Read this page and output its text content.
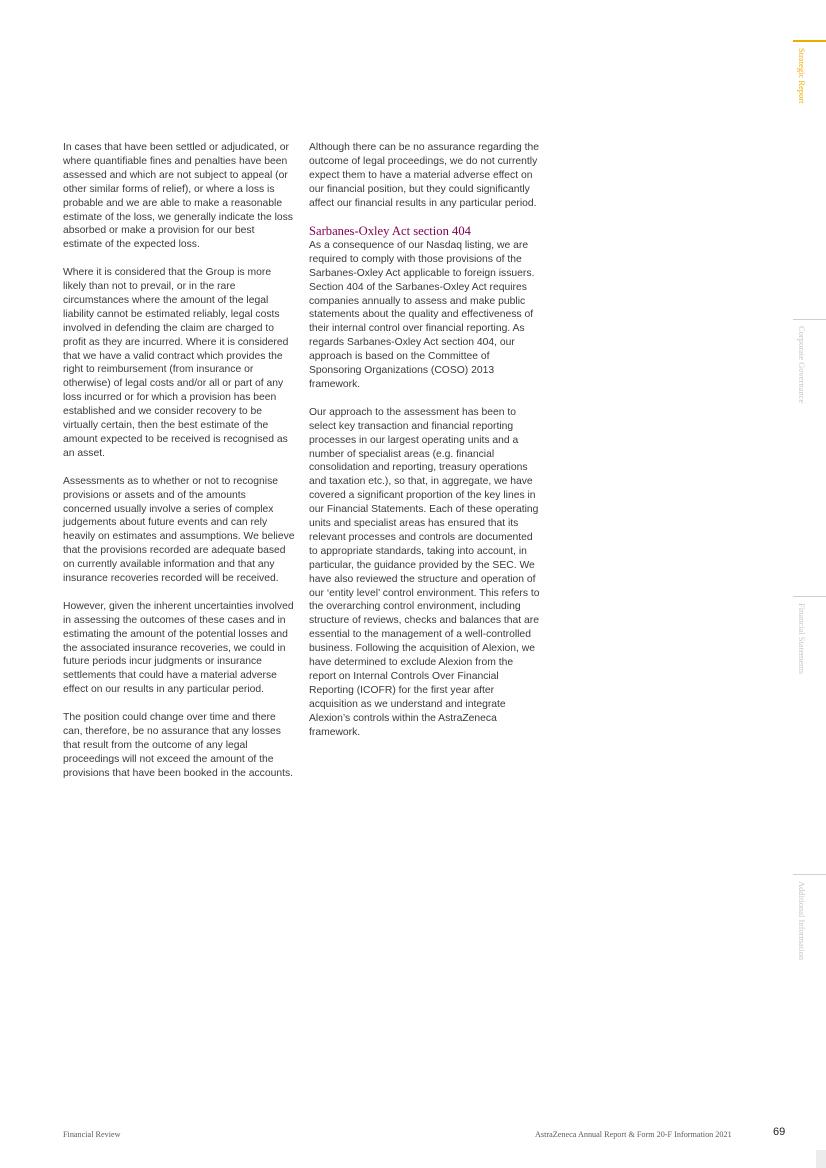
In cases that have been settled or adjudicated, or where quantifiable fines and penalties have been assessed and which are not subject to appeal (or other similar forms of relief), or where a loss is probable and we are able to make a reasonable estimate of the loss, we generally indicate the loss absorbed or make a provision for our best estimate of the expected loss.

Where it is considered that the Group is more likely than not to prevail, or in the rare circumstances where the amount of the legal liability cannot be estimated reliably, legal costs involved in defending the claim are charged to profit as they are incurred. Where it is considered that we have a valid contract which provides the right to reimbursement (from insurance or otherwise) of legal costs and/or all or part of any loss incurred or for which a provision has been established and we consider recovery to be virtually certain, then the best estimate of the amount expected to be received is recognised as an asset.

Assessments as to whether or not to recognise provisions or assets and of the amounts concerned usually involve a series of complex judgements about future events and can rely heavily on estimates and assumptions. We believe that the provisions recorded are adequate based on currently available information and that any insurance recoveries recorded will be received.

However, given the inherent uncertainties involved in assessing the outcomes of these cases and in estimating the amount of the potential losses and the associated insurance recoveries, we could in future periods incur judgments or insurance settlements that could have a material adverse effect on our results in any particular period.

The position could change over time and there can, therefore, be no assurance that any losses that result from the outcome of any legal proceedings will not exceed the amount of the provisions that have been booked in the accounts.

Although there can be no assurance regarding the outcome of legal proceedings, we do not currently expect them to have a material adverse effect on our financial position, but they could significantly affect our financial results in any particular period.

Sarbanes-Oxley Act section 404

As a consequence of our Nasdaq listing, we are required to comply with those provisions of the Sarbanes-Oxley Act applicable to foreign issuers. Section 404 of the Sarbanes-Oxley Act requires companies annually to assess and make public statements about the quality and effectiveness of their internal control over financial reporting. As regards Sarbanes-Oxley Act section 404, our approach is based on the Committee of Sponsoring Organizations (COSO) 2013 framework.

Our approach to the assessment has been to select key transaction and financial reporting processes in our largest operating units and a number of specialist areas (e.g. financial consolidation and reporting, treasury operations and taxation etc.), so that, in aggregate, we have covered a significant proportion of the key lines in our Financial Statements. Each of these operating units and specialist areas has ensured that its relevant processes and controls are documented to appropriate standards, taking into account, in particular, the guidance provided by the SEC. We have also reviewed the structure and operation of our ‘entity level’ control environment. This refers to the overarching control environment, including structure of reviews, checks and balances that are essential to the management of a well-controlled business. Following the acquisition of Alexion, we have determined to exclude Alexion from the report on Internal Controls Over Financial Reporting (ICOFR) for the first year after acquisition as we understand and integrate Alexion’s controls within the AstraZeneca framework.

Strategic Report
Corporate Governance
Financial Statements
Additional Information
Financial Review	AstraZeneca Annual Report & Form 20-F Information 2021	69
